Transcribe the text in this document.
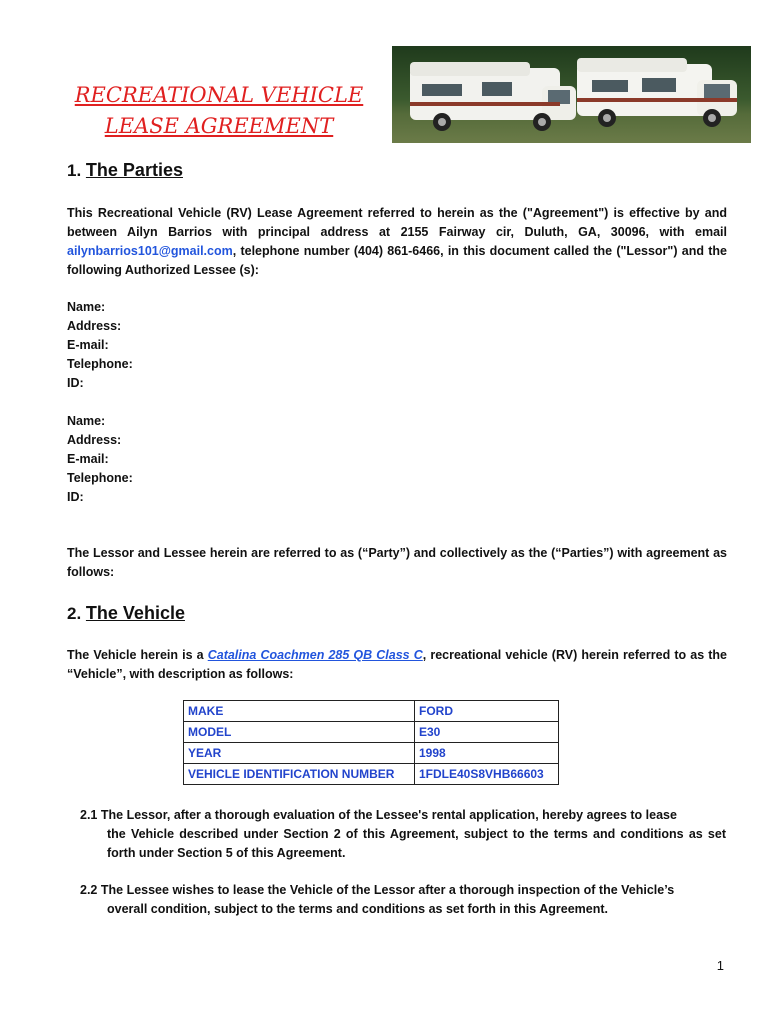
RECREATIONAL VEHICLE
LEASE AGREEMENT
1. The Parties
This Recreational Vehicle (RV) Lease Agreement referred to herein as the ("Agreement") is effective by and between Ailyn Barrios with principal address at 2155 Fairway cir, Duluth, GA, 30096, with email ailynbarrios101@gmail.com, telephone number (404) 861-6466, in this document called the ("Lessor") and the following Authorized Lessee (s):
Name:
Address:
E-mail:
Telephone:
ID:
Name:
Address:
E-mail:
Telephone:
ID:
The Lessor and Lessee herein are referred to as (“Party”) and collectively as the (“Parties”) with agreement as follows:
2. The Vehicle
The Vehicle herein is a Catalina Coachmen 285 QB Class C, recreational vehicle (RV) herein referred to as the “Vehicle”, with description as follows:
MAKE	FORD
MODEL	E30
YEAR	1998
VEHICLE IDENTIFICATION NUMBER	1FDLE40S8VHB66603
2.1 The Lessor, after a thorough evaluation of the Lessee's rental application, hereby agrees to lease
the Vehicle described under Section 2 of this Agreement, subject to the terms and conditions as set forth under Section 5 of this Agreement.
2.2 The Lessee wishes to lease the Vehicle of the Lessor after a thorough inspection of the Vehicle’s
overall condition, subject to the terms and conditions as set forth in this Agreement.
1
